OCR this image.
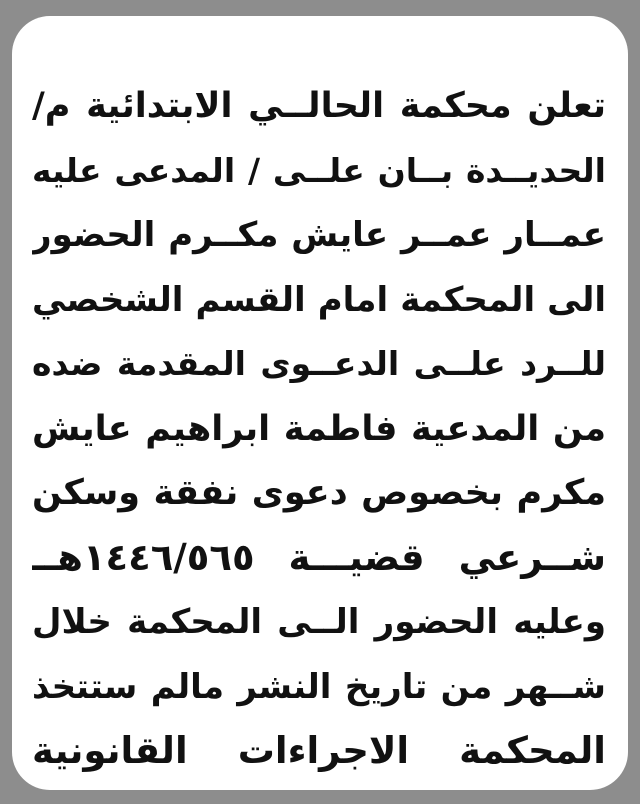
تعلن محكمة الحالــي الابتدائية م/
الحديــدة بــان علــى / المدعى عليه
عمــار عمــر عايش مكــرم الحضور
الى المحكمة امام القسم الشخصي
للــرد علــى الدعــوى المقدمة ضده
من المدعية فاطمة ابراهيم عايش
مكرم بخصوص دعوى نفقة وسكن
شــرعي قضيـــة ١٤٤٦/٥٦٥هــ
وعليه الحضور الــى المحكمة خلال
شــهر من تاريخ النشر مالم ستتخذ
المحكمة الاجراءات القانونية
